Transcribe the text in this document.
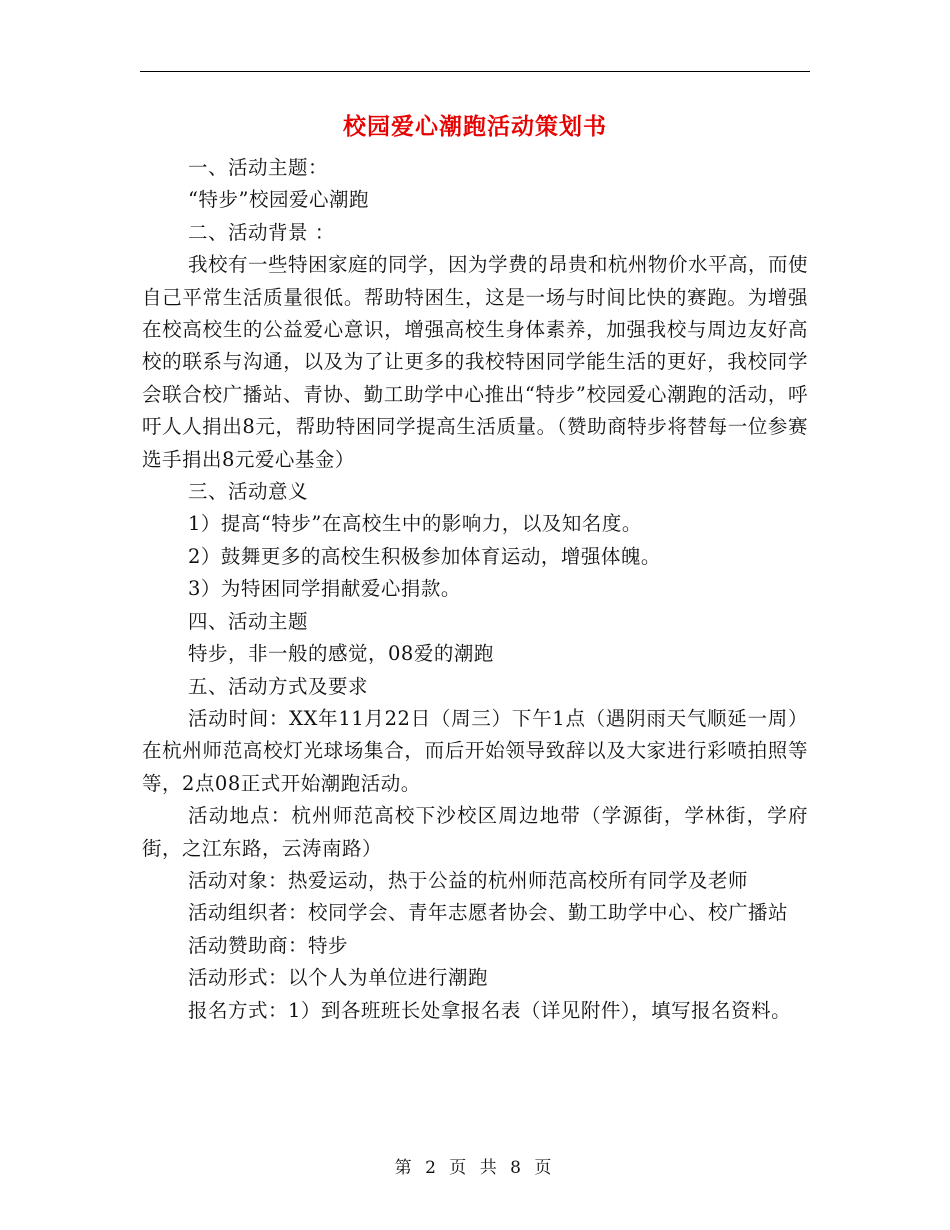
校园爱心潮跑活动策划书

一、活动主题：

“特步”校园爱心潮跑

二、活动背景 ：

我校有一些特困家庭的同学，因为学费的昂贵和杭州物价水平高，而使自己平常生活质量很低。帮助特困生，这是一场与时间比快的赛跑。为增强在校高校生的公益爱心意识，增强高校生身体素养，加强我校与周边友好高校的联系与沟通，以及为了让更多的我校特困同学能生活的更好，我校同学会联合校广播站、青协、勤工助学中心推出“特步”校园爱心潮跑的活动，呼吁人人捐出8元，帮助特困同学提高生活质量。（赞助商特步将替每一位参赛选手捐出8元爱心基金）

三、活动意义

1）提高“特步”在高校生中的影响力，以及知名度。

2）鼓舞更多的高校生积极参加体育运动，增强体魄。

3）为特困同学捐献爱心捐款。

四、活动主题

特步，非一般的感觉，08爱的潮跑

五、活动方式及要求

活动时间：XX年11月22日（周三）下午1点（遇阴雨天气顺延一周）在杭州师范高校灯光球场集合，而后开始领导致辞以及大家进行彩喷拍照等等，2点08正式开始潮跑活动。

活动地点：杭州师范高校下沙校区周边地带（学源街，学林街，学府街，之江东路，云涛南路）

活动对象：热爱运动，热于公益的杭州师范高校所有同学及老师

活动组织者：校同学会、青年志愿者协会、勤工助学中心、校广播站

活动赞助商：特步

活动形式：以个人为单位进行潮跑

报名方式：1）到各班班长处拿报名表（详见附件），填写报名资料。

第 2 页 共 8 页
